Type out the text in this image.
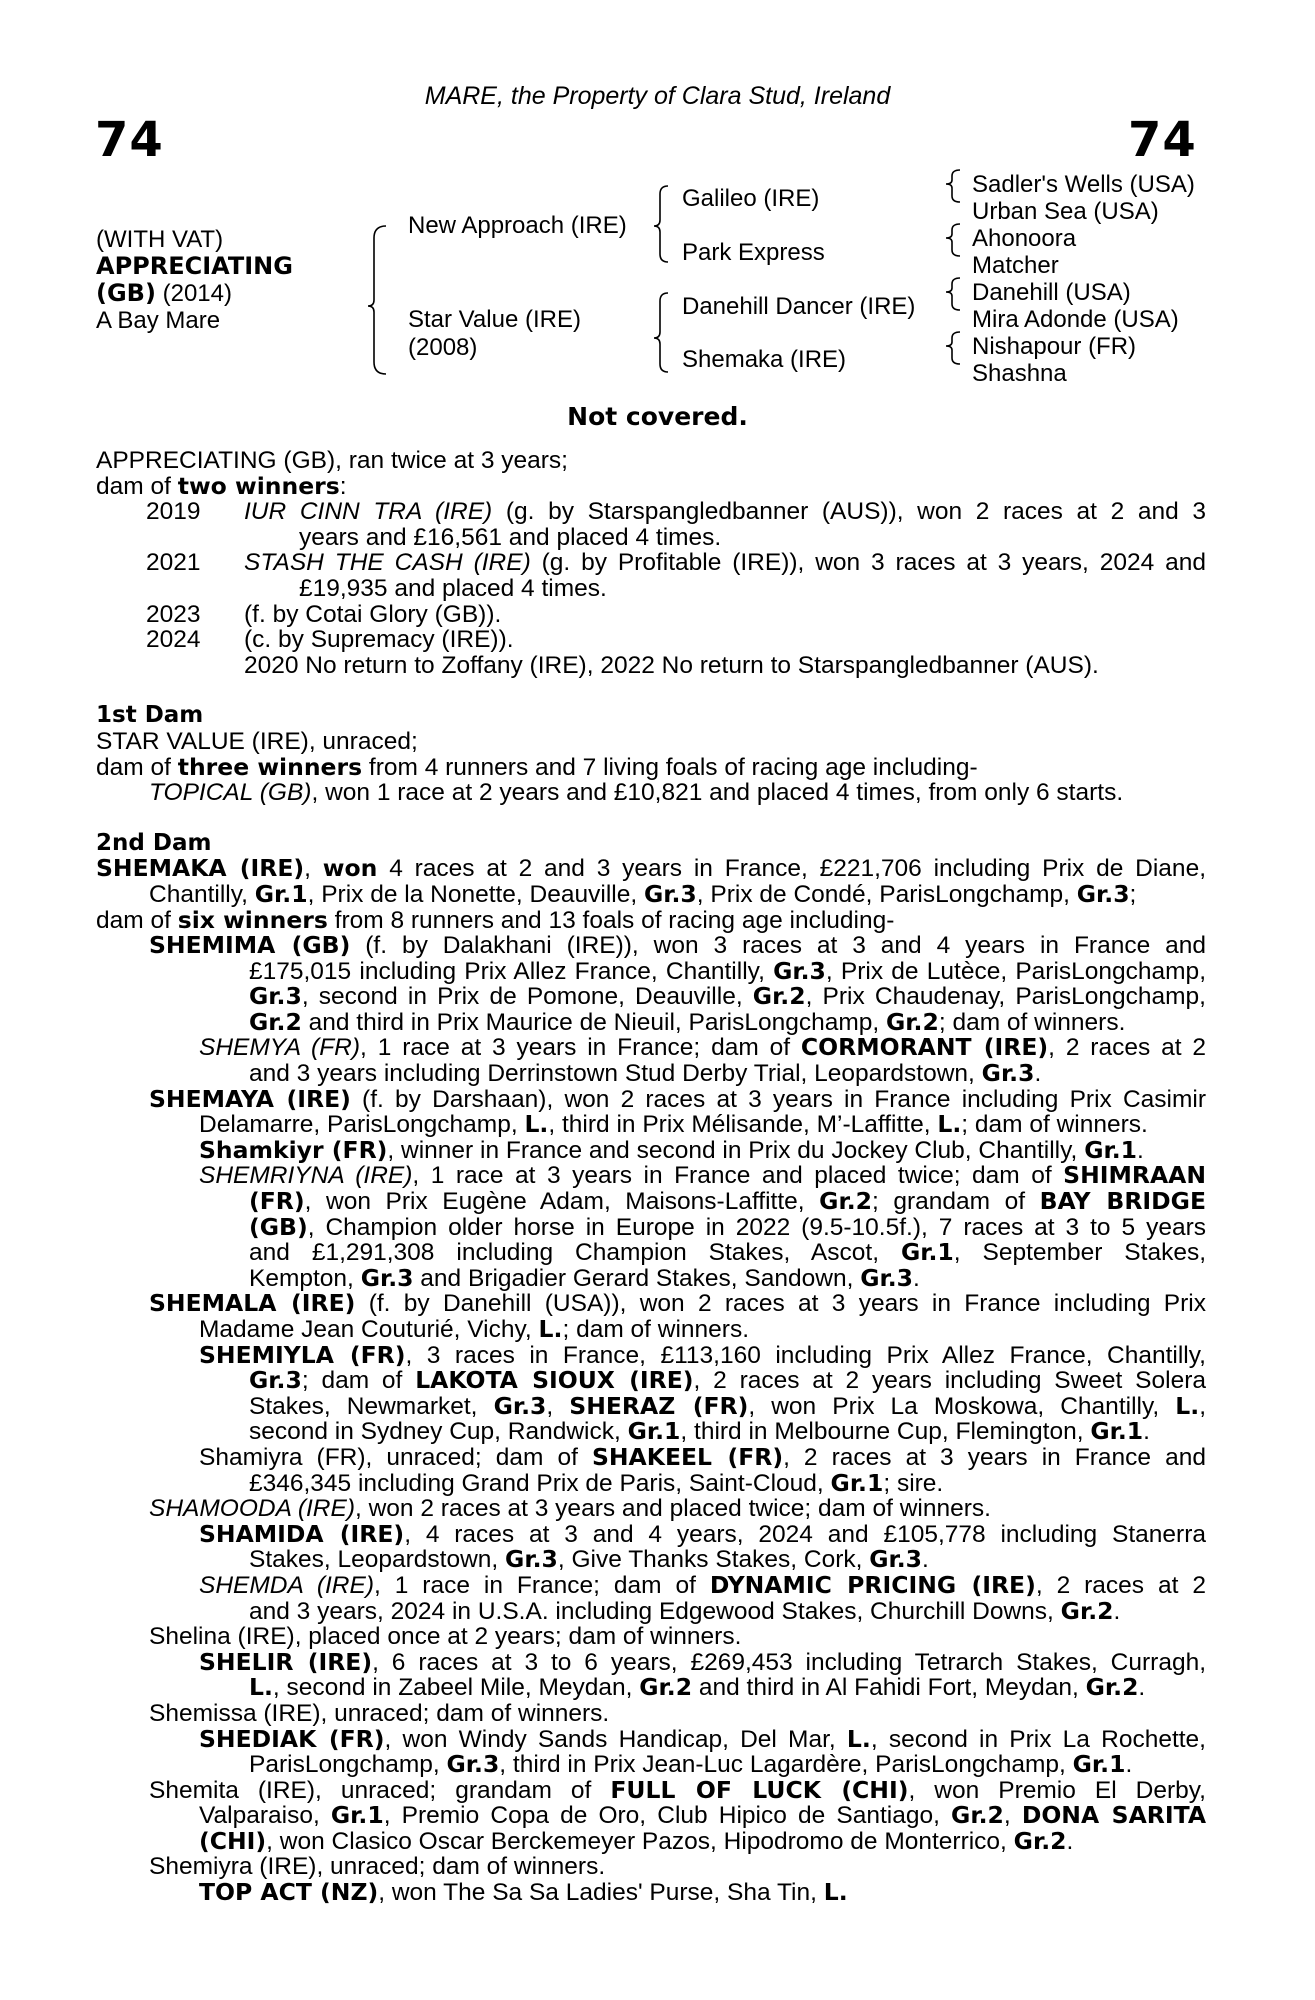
74
MARE, the Property of Clara Stud, Ireland
74
(WITH VAT)
APPRECIATING
(GB) (2014)
A Bay Mare
New Approach (IRE)
Star Value (IRE)
(2008)
Galileo (IRE)
Park Express
Danehill Dancer (IRE)
Shemaka (IRE)
Sadler's Wells (USA)
Urban Sea (USA)
Ahonoora
Matcher
Danehill (USA)
Mira Adonde (USA)
Nishapour (FR)
Shashna
Not covered.
APPRECIATING (GB), ran twice at 3 years;
dam of two winners:
2019 IUR CINN TRA (IRE) (g. by Starspangledbanner (AUS)), won 2 races at 2 and 3
years and £16,561 and placed 4 times.
2021 STASH THE CASH (IRE) (g. by Profitable (IRE)), won 3 races at 3 years, 2024 and
£19,935 and placed 4 times.
2023 (f. by Cotai Glory (GB)).
2024 (c. by Supremacy (IRE)).
2020 No return to Zoffany (IRE), 2022 No return to Starspangledbanner (AUS).
1st Dam
STAR VALUE (IRE), unraced;
dam of three winners from 4 runners and 7 living foals of racing age including-
TOPICAL (GB), won 1 race at 2 years and £10,821 and placed 4 times, from only 6 starts.
2nd Dam
SHEMAKA (IRE), won 4 races at 2 and 3 years in France, £221,706 including Prix de Diane,
Chantilly, Gr.1, Prix de la Nonette, Deauville, Gr.3, Prix de Condé, ParisLongchamp, Gr.3;
dam of six winners from 8 runners and 13 foals of racing age including-
SHEMIMA (GB) (f. by Dalakhani (IRE)), won 3 races at 3 and 4 years in France and
£175,015 including Prix Allez France, Chantilly, Gr.3, Prix de Lutèce, ParisLongchamp,
Gr.3, second in Prix de Pomone, Deauville, Gr.2, Prix Chaudenay, ParisLongchamp,
Gr.2 and third in Prix Maurice de Nieuil, ParisLongchamp, Gr.2; dam of winners.
SHEMYA (FR), 1 race at 3 years in France; dam of CORMORANT (IRE), 2 races at 2
and 3 years including Derrinstown Stud Derby Trial, Leopardstown, Gr.3.
SHEMAYA (IRE) (f. by Darshaan), won 2 races at 3 years in France including Prix Casimir
Delamarre, ParisLongchamp, L., third in Prix Mélisande, M’-Laffitte, L.; dam of winners.
Shamkiyr (FR), winner in France and second in Prix du Jockey Club, Chantilly, Gr.1.
SHEMRIYNA (IRE), 1 race at 3 years in France and placed twice; dam of SHIMRAAN
(FR), won Prix Eugène Adam, Maisons-Laffitte, Gr.2; grandam of BAY BRIDGE
(GB), Champion older horse in Europe in 2022 (9.5-10.5f.), 7 races at 3 to 5 years
and £1,291,308 including Champion Stakes, Ascot, Gr.1, September Stakes,
Kempton, Gr.3 and Brigadier Gerard Stakes, Sandown, Gr.3.
SHEMALA (IRE) (f. by Danehill (USA)), won 2 races at 3 years in France including Prix
Madame Jean Couturié, Vichy, L.; dam of winners.
SHEMIYLA (FR), 3 races in France, £113,160 including Prix Allez France, Chantilly,
Gr.3; dam of LAKOTA SIOUX (IRE), 2 races at 2 years including Sweet Solera
Stakes, Newmarket, Gr.3, SHERAZ (FR), won Prix La Moskowa, Chantilly, L.,
second in Sydney Cup, Randwick, Gr.1, third in Melbourne Cup, Flemington, Gr.1.
Shamiyra (FR), unraced; dam of SHAKEEL (FR), 2 races at 3 years in France and
£346,345 including Grand Prix de Paris, Saint-Cloud, Gr.1; sire.
SHAMOODA (IRE), won 2 races at 3 years and placed twice; dam of winners.
SHAMIDA (IRE), 4 races at 3 and 4 years, 2024 and £105,778 including Stanerra
Stakes, Leopardstown, Gr.3, Give Thanks Stakes, Cork, Gr.3.
SHEMDA (IRE), 1 race in France; dam of DYNAMIC PRICING (IRE), 2 races at 2
and 3 years, 2024 in U.S.A. including Edgewood Stakes, Churchill Downs, Gr.2.
Shelina (IRE), placed once at 2 years; dam of winners.
SHELIR (IRE), 6 races at 3 to 6 years, £269,453 including Tetrarch Stakes, Curragh,
L., second in Zabeel Mile, Meydan, Gr.2 and third in Al Fahidi Fort, Meydan, Gr.2.
Shemissa (IRE), unraced; dam of winners.
SHEDIAK (FR), won Windy Sands Handicap, Del Mar, L., second in Prix La Rochette,
ParisLongchamp, Gr.3, third in Prix Jean-Luc Lagardère, ParisLongchamp, Gr.1.
Shemita (IRE), unraced; grandam of FULL OF LUCK (CHI), won Premio El Derby,
Valparaiso, Gr.1, Premio Copa de Oro, Club Hipico de Santiago, Gr.2, DONA SARITA
(CHI), won Clasico Oscar Berckemeyer Pazos, Hipodromo de Monterrico, Gr.2.
Shemiyra (IRE), unraced; dam of winners.
TOP ACT (NZ), won The Sa Sa Ladies' Purse, Sha Tin, L.
